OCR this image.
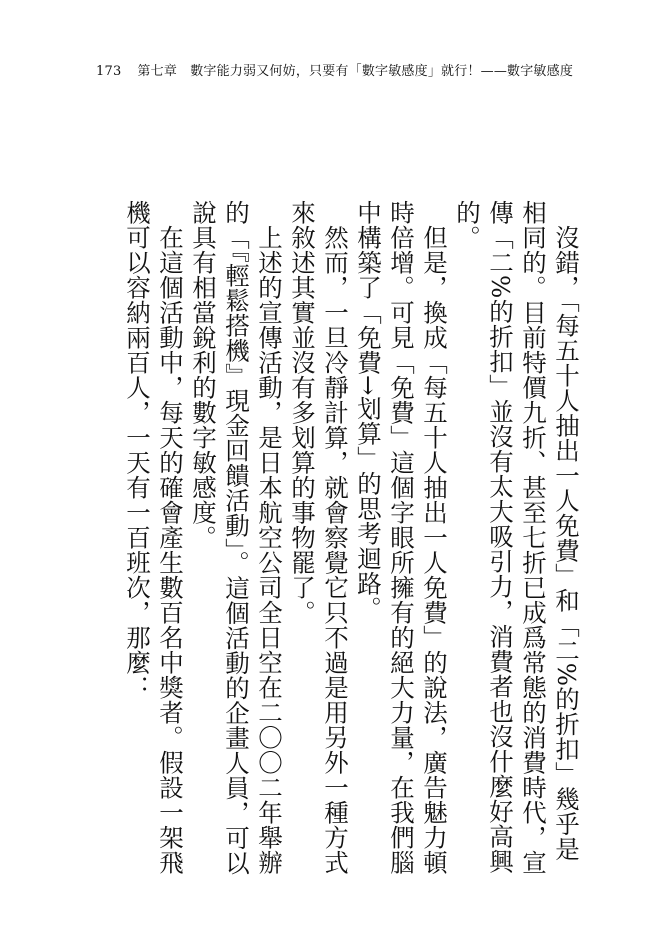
173 第七章　數字能力弱又何妨，只要有「數字敏感度」就行！——數字敏感度

沒錯，「每五十人抽出一人免費」和「二%的折扣」幾乎是相同的。目前特價九折、甚至七折已成爲常態的消費時代，宣傳「二%的折扣」並沒有太大吸引力，消費者也沒什麼好高興的。

但是，換成「每五十人抽出一人免費」的說法，廣告魅力頓時倍增。可見「免費」這個字眼所擁有的絕大力量，在我們腦中構築了「免費→划算」的思考迴路。

然而，一旦冷靜計算，就會察覺它只不過是用另外一種方式來敘述其實並沒有多划算的事物罷了。

上述的宣傳活動，是日本航空公司全日空在二〇〇二年舉辦的「『輕鬆搭機』現金回饋活動」。這個活動的企畫人員，可以說具有相當銳利的數字敏感度。

在這個活動中，每天的確會產生數百名中獎者。假設一架飛機可以容納兩百人，一天有一百班次，那麼：
